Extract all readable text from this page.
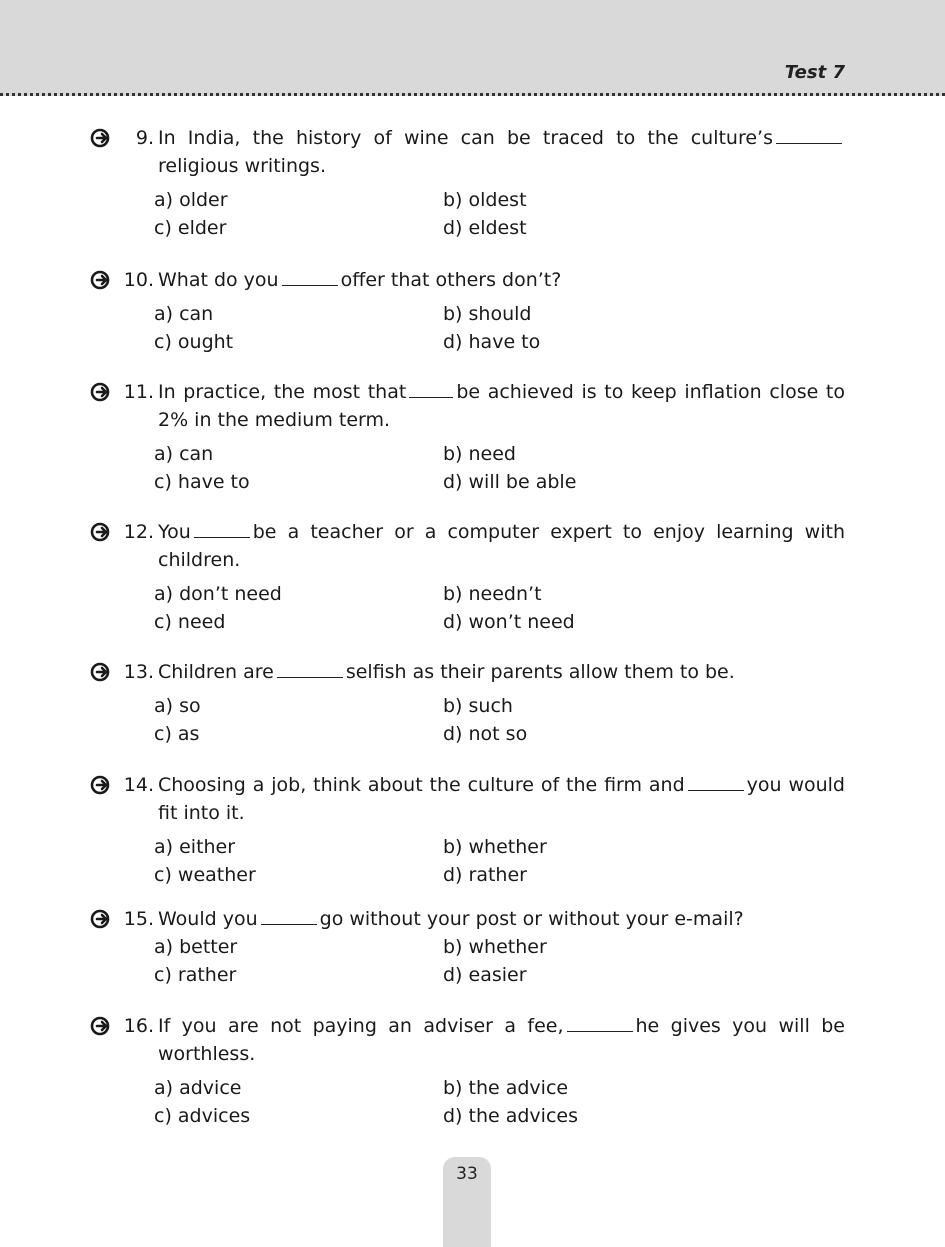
Test 7
9. In India, the history of wine can be traced to the culture’sreligious writings.
a) older	b) oldest
c) elder	d) eldest
10. What do you	offer that others don’t?
a) can	b) should
c) ought	d) have to
11. In practice, the most that	be achieved is to keep inflation close to 2% in the medium term.
a) can	b) need
c) have to	d) will be able
12. You	be a teacher or a computer expert to enjoy learning with children.
a) don’t need	b) needn’t
c) need	d) won’t need
13. Children are	selfish as their parents allow them to be.
a) so	b) such
c) as	d) not so
14. Choosing a job, think about the culture of the firm and	you would fit into it.
a) either	b) whether
c) weather	d) rather
15. Would you	go without your post or without your e-mail?
a) better	b) whether
c) rather	d) easier
16. If you are not paying an adviser a fee,	he gives you will be worthless.
a) advice	b) the advice
c) advices	d) the advices
33
